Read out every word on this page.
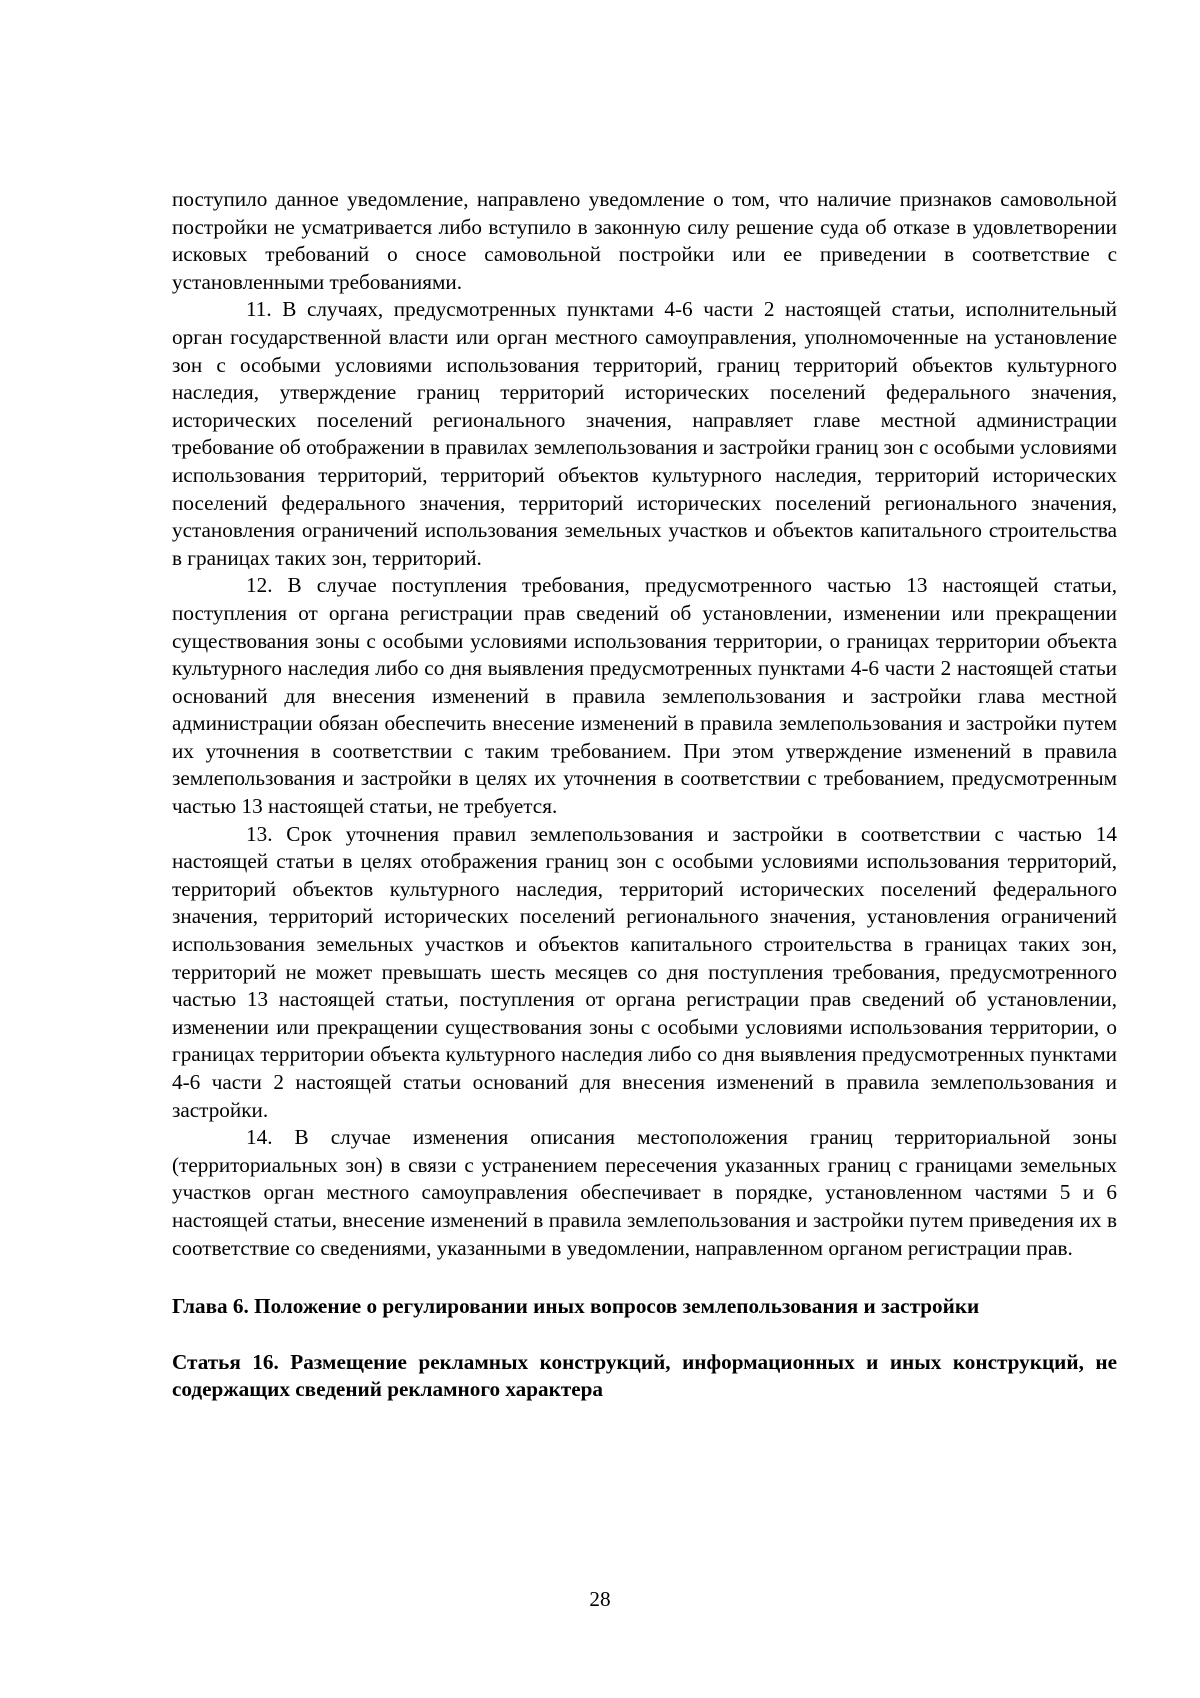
поступило данное уведомление, направлено уведомление о том, что наличие признаков самовольной постройки не усматривается либо вступило в законную силу решение суда об отказе в удовлетворении исковых требований о сносе самовольной постройки или ее приведении в соответствие с установленными требованиями.

11. В случаях, предусмотренных пунктами 4-6 части 2 настоящей статьи, исполнительный орган государственной власти или орган местного самоуправления, уполномоченные на установление зон с особыми условиями использования территорий, границ территорий объектов культурного наследия, утверждение границ территорий исторических поселений федерального значения, исторических поселений регионального значения, направляет главе местной администрации требование об отображении в правилах землепользования и застройки границ зон с особыми условиями использования территорий, территорий объектов культурного наследия, территорий исторических поселений федерального значения, территорий исторических поселений регионального значения, установления ограничений использования земельных участков и объектов капитального строительства в границах таких зон, территорий.

12. В случае поступления требования, предусмотренного частью 13 настоящей статьи, поступления от органа регистрации прав сведений об установлении, изменении или прекращении существования зоны с особыми условиями использования территории, о границах территории объекта культурного наследия либо со дня выявления предусмотренных пунктами 4-6 части 2 настоящей статьи оснований для внесения изменений в правила землепользования и застройки глава местной администрации обязан обеспечить внесение изменений в правила землепользования и застройки путем их уточнения в соответствии с таким требованием. При этом утверждение изменений в правила землепользования и застройки в целях их уточнения в соответствии с требованием, предусмотренным частью 13 настоящей статьи, не требуется.

13. Срок уточнения правил землепользования и застройки в соответствии с частью 14 настоящей статьи в целях отображения границ зон с особыми условиями использования территорий, территорий объектов культурного наследия, территорий исторических поселений федерального значения, территорий исторических поселений регионального значения, установления ограничений использования земельных участков и объектов капитального строительства в границах таких зон, территорий не может превышать шесть месяцев со дня поступления требования, предусмотренного частью 13 настоящей статьи, поступления от органа регистрации прав сведений об установлении, изменении или прекращении существования зоны с особыми условиями использования территории, о границах территории объекта культурного наследия либо со дня выявления предусмотренных пунктами 4-6 части 2 настоящей статьи оснований для внесения изменений в правила землепользования и застройки.

14. В случае изменения описания местоположения границ территориальной зоны (территориальных зон) в связи с устранением пересечения указанных границ с границами земельных участков орган местного самоуправления обеспечивает в порядке, установленном частями 5 и 6 настоящей статьи, внесение изменений в правила землепользования и застройки путем приведения их в соответствие со сведениями, указанными в уведомлении, направленном органом регистрации прав.

Глава 6. Положение о регулировании иных вопросов землепользования и застройки

Статья 16. Размещение рекламных конструкций, информационных и иных конструкций, не содержащих сведений рекламного характера

28
